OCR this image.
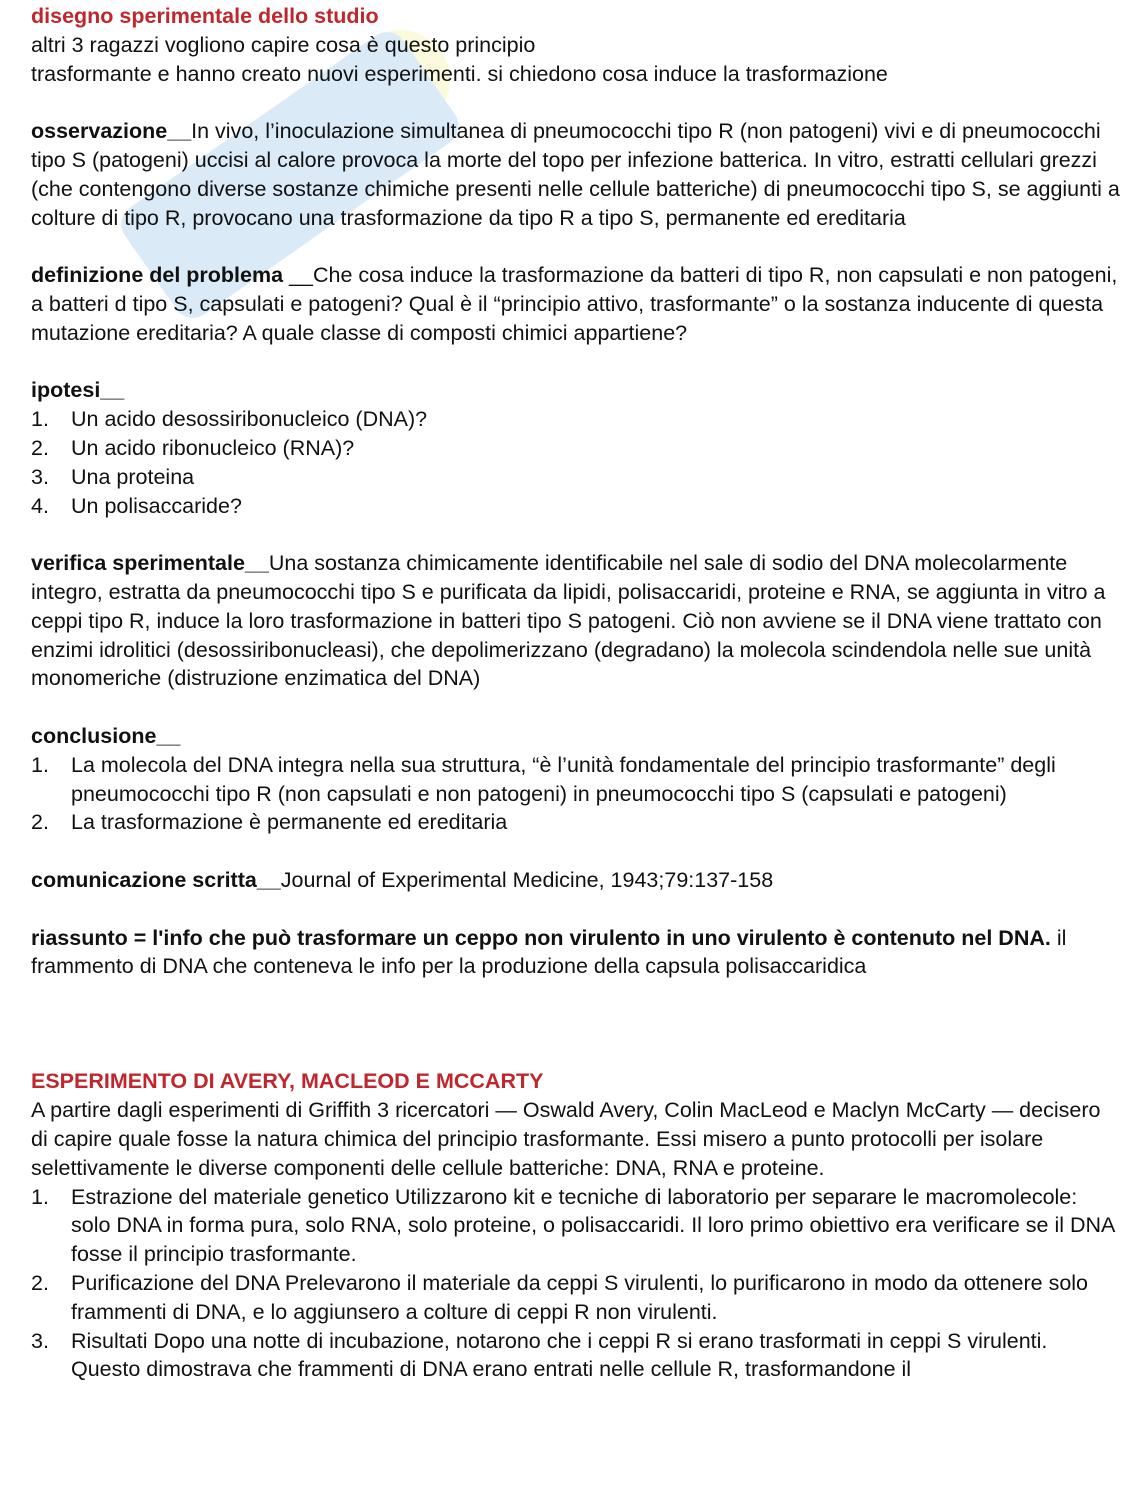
disegno sperimentale dello studio

altri 3 ragazzi vogliono capire cosa è questo principio

trasformante e hanno creato nuovi esperimenti. si chiedono cosa induce la trasformazione

osservazione__In vivo, l’inoculazione simultanea di pneumococchi tipo R (non patogeni) vivi e di pneumococchi tipo S (patogeni) uccisi al calore provoca la morte del topo per infezione batterica. In vitro, estratti cellulari grezzi (che contengono diverse sostanze chimiche presenti nelle cellule batteriche) di pneumococchi tipo S, se aggiunti a colture di tipo R, provocano una trasformazione da tipo R a tipo S, permanente ed ereditaria

definizione del problema __Che cosa induce la trasformazione da batteri di tipo R, non capsulati e non patogeni, a batteri d tipo S, capsulati e patogeni? Qual è il “principio attivo, trasformante” o la sostanza inducente di questa mutazione ereditaria? A quale classe di composti chimici appartiene?

ipotesi__

1. Un acido desossiribonucleico (DNA)?
2. Un acido ribonucleico (RNA)?
3. Una proteina
4. Un polisaccaride?

verifica sperimentale__Una sostanza chimicamente identificabile nel sale di sodio del DNA molecolarmente integro, estratta da pneumococchi tipo S e purificata da lipidi, polisaccaridi, proteine e RNA, se aggiunta in vitro a ceppi tipo R, induce la loro trasformazione in batteri tipo S patogeni. Ciò non avviene se il DNA viene trattato con enzimi idrolitici (desossiribonucleasi), che depolimerizzano (degradano) la molecola scindendola nelle sue unità monomeriche (distruzione enzimatica del DNA)

conclusione__

1. La molecola del DNA integra nella sua struttura, “è l’unità fondamentale del principio trasformante” degli pneumococchi tipo R (non capsulati e non patogeni) in pneumococchi tipo S (capsulati e patogeni)
2. La trasformazione è permanente ed ereditaria

comunicazione scritta__Journal of Experimental Medicine, 1943;79:137-158

riassunto = l'info che può trasformare un ceppo non virulento in uno virulento è contenuto nel DNA. il frammento di DNA che conteneva le info per la produzione della capsula polisaccaridica

ESPERIMENTO DI AVERY, MACLEOD E MCCARTY

A partire dagli esperimenti di Griffith 3 ricercatori — Oswald Avery, Colin MacLeod e Maclyn McCarty — decisero di capire quale fosse la natura chimica del principio trasformante. Essi misero a punto protocolli per isolare selettivamente le diverse componenti delle cellule batteriche: DNA, RNA e proteine.

1. Estrazione del materiale genetico Utilizzarono kit e tecniche di laboratorio per separare le macromolecole: solo DNA in forma pura, solo RNA, solo proteine, o polisaccaridi. Il loro primo obiettivo era verificare se il DNA fosse il principio trasformante.
2. Purificazione del DNA Prelevarono il materiale da ceppi S virulenti, lo purificarono in modo da ottenere solo frammenti di DNA, e lo aggiunsero a colture di ceppi R non virulenti.
3. Risultati Dopo una notte di incubazione, notarono che i ceppi R si erano trasformati in ceppi S virulenti. Questo dimostrava che frammenti di DNA erano entrati nelle cellule R, trasformandone il
